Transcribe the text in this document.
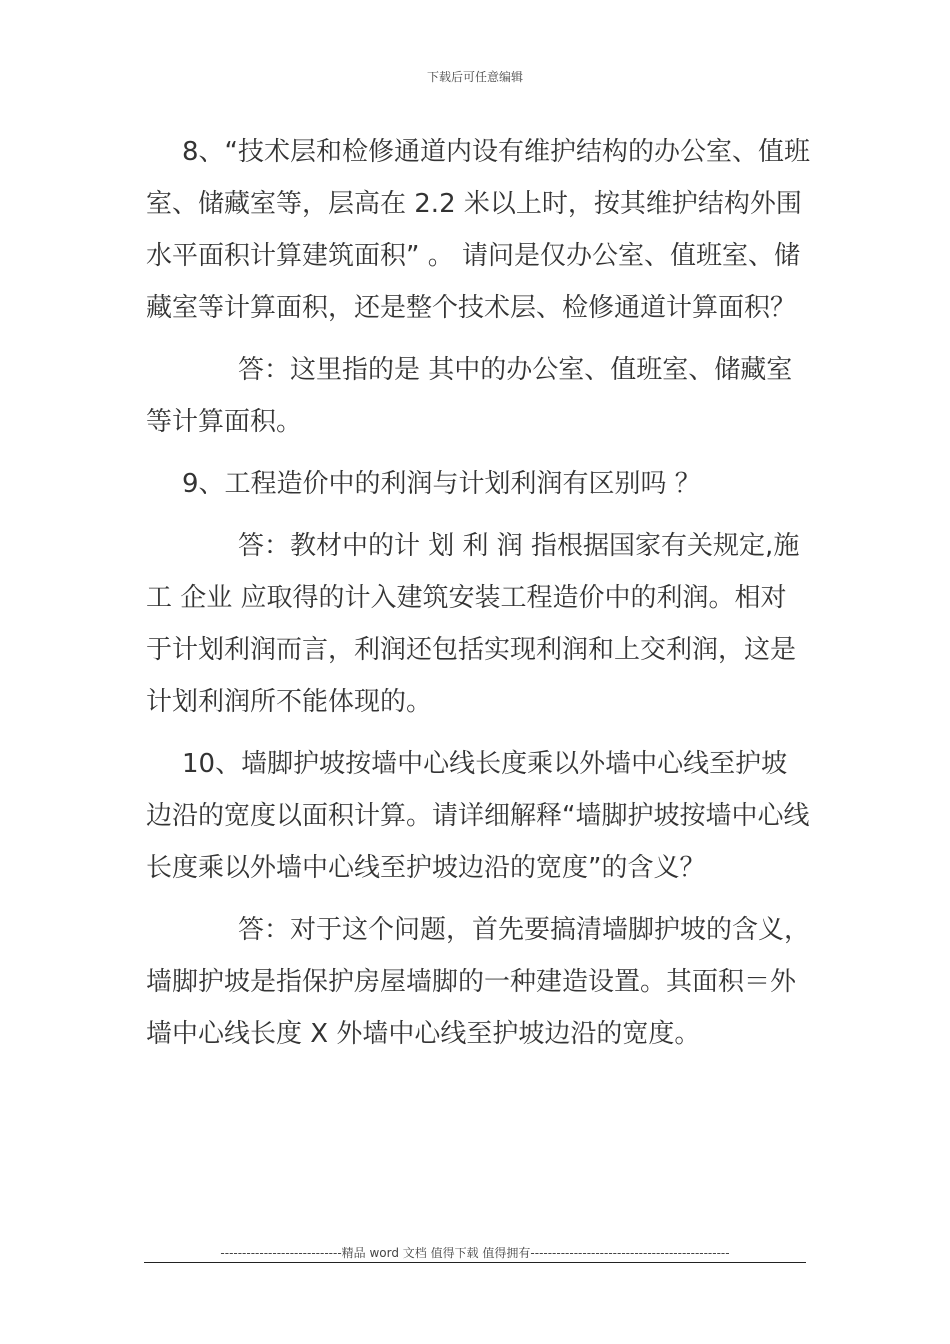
下载后可任意编辑

8、“技术层和检修通道内设有维护结构的办公室、值班室、储藏室等，层高在 2.2 米以上时，按其维护结构外围水平面积计算建筑面积” 。 请问是仅办公室、值班室、储藏室等计算面积，还是整个技术层、检修通道计算面积？

答：这里指的是 其中的办公室、值班室、储藏室等计算面积。

9、工程造价中的利润与计划利润有区别吗 ？

答：教材中的计 划 利 润 指根据国家有关规定,施工 企业 应取得的计入建筑安装工程造价中的利润。相对于计划利润而言，利润还包括实现利润和上交利润，这是计划利润所不能体现的。

10、墙脚护坡按墙中心线长度乘以外墙中心线至护坡边沿的宽度以面积计算。请详细解释“墙脚护坡按墙中心线长度乘以外墙中心线至护坡边沿的宽度”的含义？

答：对于这个问题，首先要搞清墙脚护坡的含义，墙脚护坡是指保护房屋墙脚的一种建造设置。其面积＝外墙中心线长度 X 外墙中心线至护坡边沿的宽度。

----------------------------精品 word 文档 值得下载 值得拥有----------------------------------------------
